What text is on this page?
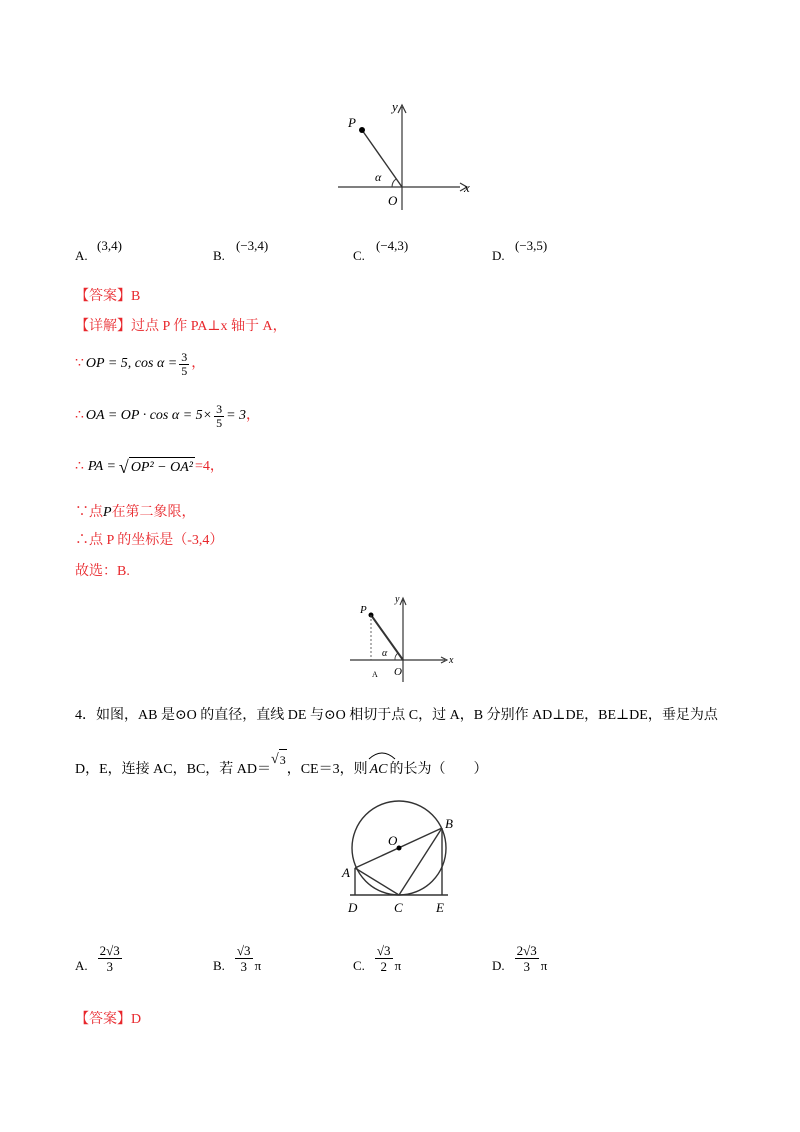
P
y
x
O
α
A.
(3,4)
B.
(−3,4)
C.
(−4,3)
D.
(−3,5)
【答案】B
【详解】过点 P 作 PA⊥x 轴于 A，
∵ OP = 5, $\cos \alpha = \frac{3}{5}$ ，
∴ OA = OP · $\cos \alpha = 5\times \frac{3}{5} = 3$ ，
∴ PA = √ OP² − OA² =4，
∵点P在第二象限，
∴点 P 的坐标是（-3,4）
故选：B.
P
y
x
O
A
α
4．如图，AB 是⊙O 的直径，直线 DE 与⊙O 相切于点 C，过 A，B 分别作 AD⊥DE，BE⊥DE，垂足为点
D，E，连接 AC，BC，若 AD＝
√ 3
，CE＝3，则 AC 的长为（　　）
O
B
A
D	C	E
A. $\frac{2√3}{3}$	B. $\frac{√3}{3}$ π	C. $\frac{√3}{2}$ π	D. $\frac{2√3}{3}$ π
【答案】D
